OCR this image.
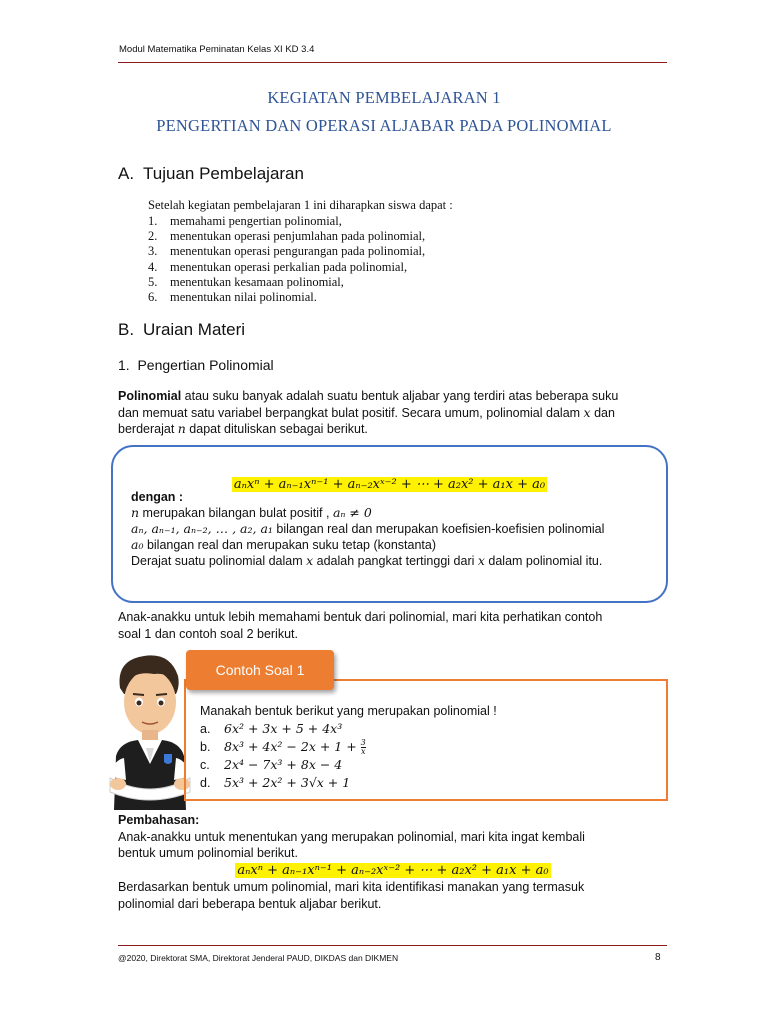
Modul Matematika Peminatan Kelas XI KD 3.4
KEGIATAN PEMBELAJARAN 1
PENGERTIAN DAN OPERASI ALJABAR PADA POLINOMIAL
A. Tujuan Pembelajaran
Setelah kegiatan pembelajaran 1 ini diharapkan siswa dapat :
1. memahami pengertian polinomial,
2. menentukan operasi penjumlahan pada polinomial,
3. menentukan operasi pengurangan pada polinomial,
4. menentukan operasi perkalian pada polinomial,
5. menentukan kesamaan polinomial,
6. menentukan nilai polinomial.
B. Uraian Materi
1. Pengertian Polinomial
Polinomial atau suku banyak adalah suatu bentuk aljabar yang terdiri atas beberapa suku
dan memuat satu variabel berpangkat bulat positif. Secara umum, polinomial dalam x dan
berderajat n dapat dituliskan sebagai berikut.
aₙxⁿ + aₙ₋₁xⁿ⁻¹ + aₙ₋₂xˣ⁻² + ⋯ + a₂x² + a₁x + a₀
dengan :
n merupakan bilangan bulat positif , aₙ ≠ 0
aₙ, aₙ₋₁, aₙ₋₂, … , a₂, a₁ bilangan real dan merupakan koefisien-koefisien polinomial
a₀ bilangan real dan merupakan suku tetap (konstanta)
Derajat suatu polinomial dalam x adalah pangkat tertinggi dari x dalam polinomial itu.
Anak-anakku untuk lebih memahami bentuk dari polinomial, mari kita perhatikan contoh
soal 1 dan contoh soal 2 berikut.
Contoh Soal 1
Manakah bentuk berikut yang merupakan polinomial !
a. 6x² + 3x + 5 + 4x³
b. $8x^3 + 4x^2 - 2x + 1 + \frac{3}{x}$
c. 2x⁴ − 7x³ + 8x − 4
d. 5x³ + 2x² + 3√x + 1
Pembahasan:
Anak-anakku untuk menentukan yang merupakan polinomial, mari kita ingat kembali
bentuk umum polinomial berikut.
aₙxⁿ + aₙ₋₁xⁿ⁻¹ + aₙ₋₂xˣ⁻² + ⋯ + a₂x² + a₁x + a₀
Berdasarkan bentuk umum polinomial, mari kita identifikasi manakan yang termasuk
polinomial dari beberapa bentuk aljabar berikut.
@2020, Direktorat SMA, Direktorat Jenderal PAUD, DIKDAS dan DIKMEN	8
